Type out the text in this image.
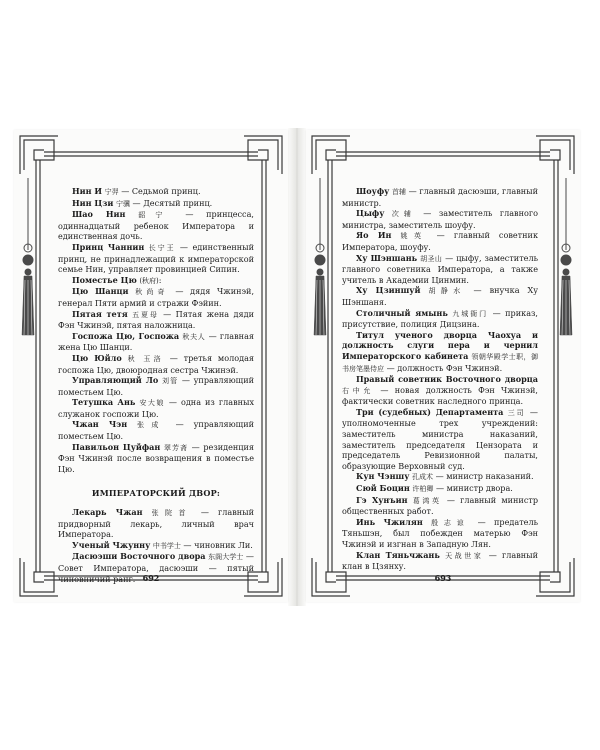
Нин И 宁羿 — Седьмой принц.

Нин Цзи 宁骥 — Десятый принц.

Шао Нин 韶宁 — принцесса, одиннадцатый ребенок Императора и единственная дочь.

Принц Чаннин 长宁王 — единственный принц, не принадлежащий к императорской семье Нин, управляет провинцией Сипин.

Поместье Цю (秋府):

Цю Шанци 秋尚奇 — дядя Чжинэй, генерал Пяти армий и стражи Фэйин.

Пятая тетя 五夏母 — Пятая жена дяди Фэн Чжинэй, пятая наложница.

Госпожа Цю, Госпожа 秋夫人 — главная жена Цю Шанци.

Цю Юйло 秋 玉洛 — третья молодая госпожа Цю, двоюродная сестра Чжинэй.

Управляющий Ло 刘管 — управляющий поместьем Цю.

Тетушка Ань 安大娘 — одна из главных служанок госпожи Цю.

Чжан Чэн 张成 — управляющий поместьем Цю.

Павильон Цуйфан 翠芳斋 — резиденция Фэн Чжинэй после возвращения в поместье Цю.

ИМПЕРАТОРСКИЙ ДВОР:

Лекарь Чжан 张院首 — главный придворный лекарь, личный врач Императора.

Ученый Чжунну 中书学士 — чиновник Ли.

Дасюэши Восточного двора 东阁大学士 — Совет Императора, дасюэши — пятый чиновничий ранг. 692

Шоуфу 首辅 — главный дасюэши, главный министр.

Цыфу 次辅 — заместитель главного министра, заместитель шоуфу.

Яо Ин 姚英 — главный советник Императора, шоуфу.

Ху Шэншань 胡圣山 — цыфу, заместитель главного советника Императора, а также учитель в Академии Цинмин.

Ху Цзиншуй 胡静水 — внучка Ху Шэншаня.

Столичный ямынь 九城衙门 — приказ, присутствие, полиция Дицзина.

Титул ученого дворца Чаохуа и должность слуги пера и чернил Императорского кабинета 领朝华殿学士职，御书房笔墨侍应 — должность Фэн Чжинэй.

Правый советник Восточного дворца 右中允 — новая должность Фэн Чжинэй, фактически советник наследного принца.

Три (судебных) Департамента 三司 — уполномоченные трех учреждений: заместитель министра наказаний, заместитель председателя Цензората и председатель Ревизионной палаты, образующие Верховный суд.

Кун Чэншу 孔成术 — министр наказаний.

Сюй Боцин 许柏卿 — министр двора.

Гэ Хунъин 葛鸿英 — главный министр общественных работ.

Инь Чжилян 殷志谅 — предатель Тяньшэн, был побежден матерью Фэн Чжинэй и изгнан в Западную Лян.

Клан Тяньчжань 天战世家 — главный клан в Цзянху.

693
